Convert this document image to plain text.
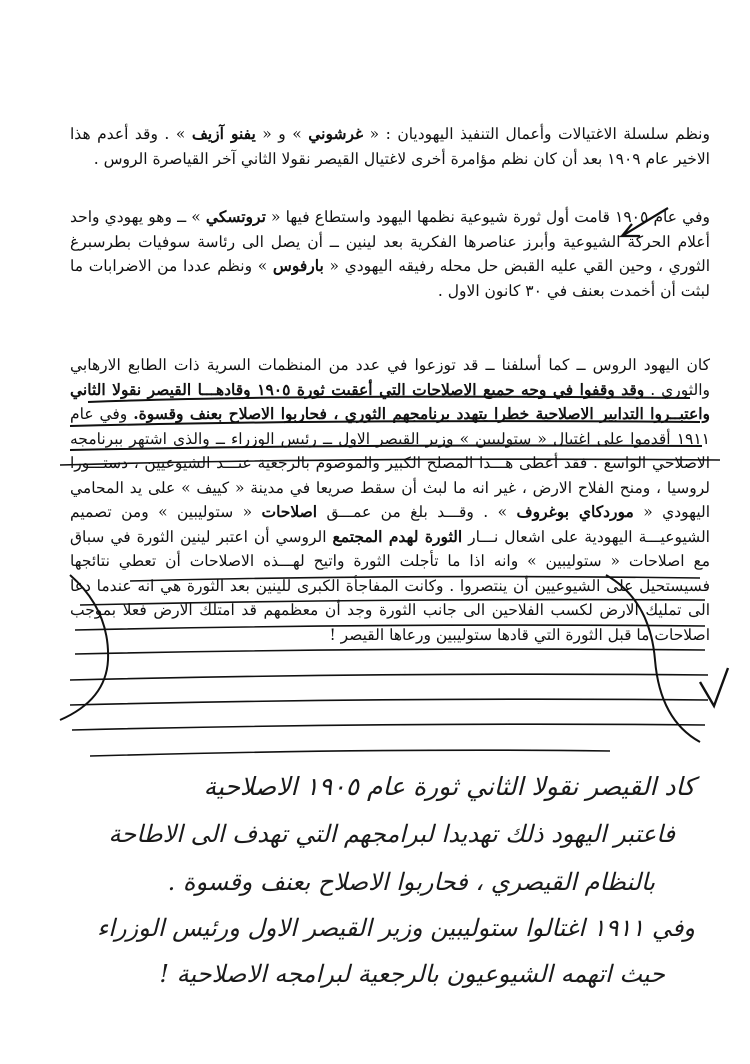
ونظم سلسلة الاغتيالات وأعمال التنفيذ اليهوديان : « غرشوني » و « يفنو آزيف » . وقد أعدم هذا الاخير عام ١٩٠٩ بعد أن كان نظم مؤامرة أخرى لاغتيال القيصر نقولا الثاني آخر القياصرة الروس .
وفي عام ١٩٠٥ قامت أول ثورة شيوعية نظمها اليهود واستطاع فيها « تروتسكي » ــ وهو يهودي واحد أعلام الحركة الشيوعية وأبرز عناصرها الفكرية بعد لينين ــ أن يصل الى رئاسة سوفيات بطرسبرغ الثوري ، وحين القي عليه القبض حل محله رفيقه اليهودي « بارفوس » ونظم عددا من الاضرابات ما لبثت أن أخمدت بعنف في ٣٠ كانون الاول .
كان اليهود الروس ــ كما أسلفنا ــ قد توزعوا في عدد من المنظمات السرية ذات الطابع الارهابي والثوري . وقد وقفوا في وجه جميع الاصلاحات التي أعقبت ثورة ١٩٠٥ وقادهـــا القيصر نقولا الثاني واعتبــروا التدابير الاصلاحية خطرا يتهدد برنامجهم الثوري ، فحاربوا الاصلاح بعنف وقسوة. وفي عام ١٩١١ أقدموا على اغتيال « ستوليبين » وزير القيصر الاول ــ رئيس الوزراء ــ والذي اشتهر ببرنامجه الاصلاحي الواسع . فقد أعطى هـــذا المصلح الكبير والموصوم بالرجعية عنـــد الشيوعيين ، دستـــورا لروسيا ، ومنح الفلاح الارض ، غير انه ما لبث أن سقط صريعا في مدينة « كييف » على يد المحامي اليهودي « موردكاي بوغروف » . وقـــد بلغ من عمـــق اصلاحات « ستوليبين » ومن تصميم الشيوعيـــة اليهودية على اشعال نـــار الثورة لهدم المجتمع الروسي أن اعتبر لينين الثورة في سباق مع اصلاحات « ستوليبين » وانه اذا ما تأجلت الثورة واتيح لهـــذه الاصلاحات أن تعطي نتائجها فسيستحيل على الشيوعيين أن ينتصروا . وكانت المفاجأة الكبرى للينين بعد الثورة هي انه عندما دعا الى تمليك الارض لكسب الفلاحين الى جانب الثورة وجد أن معظمهم قد امتلك الارض فعلا بموجب اصلاحات ما قبل الثورة التي قادها ستوليبين ورعاها القيصر !
كاد القيصر نقولا الثاني ثورة عام ١٩٠٥ الاصلاحية
فاعتبر اليهود ذلك تهديدا لبرامجهم التي تهدف الى الاطاحة
بالنظام القيصري ، فحاربوا الاصلاح بعنف وقسوة .
وفي ١٩١١ اغتالوا ستوليبين وزير القيصر الاول ورئيس الوزراء
حيث اتهمه الشيوعيون بالرجعية لبرامجه الاصلاحية !
